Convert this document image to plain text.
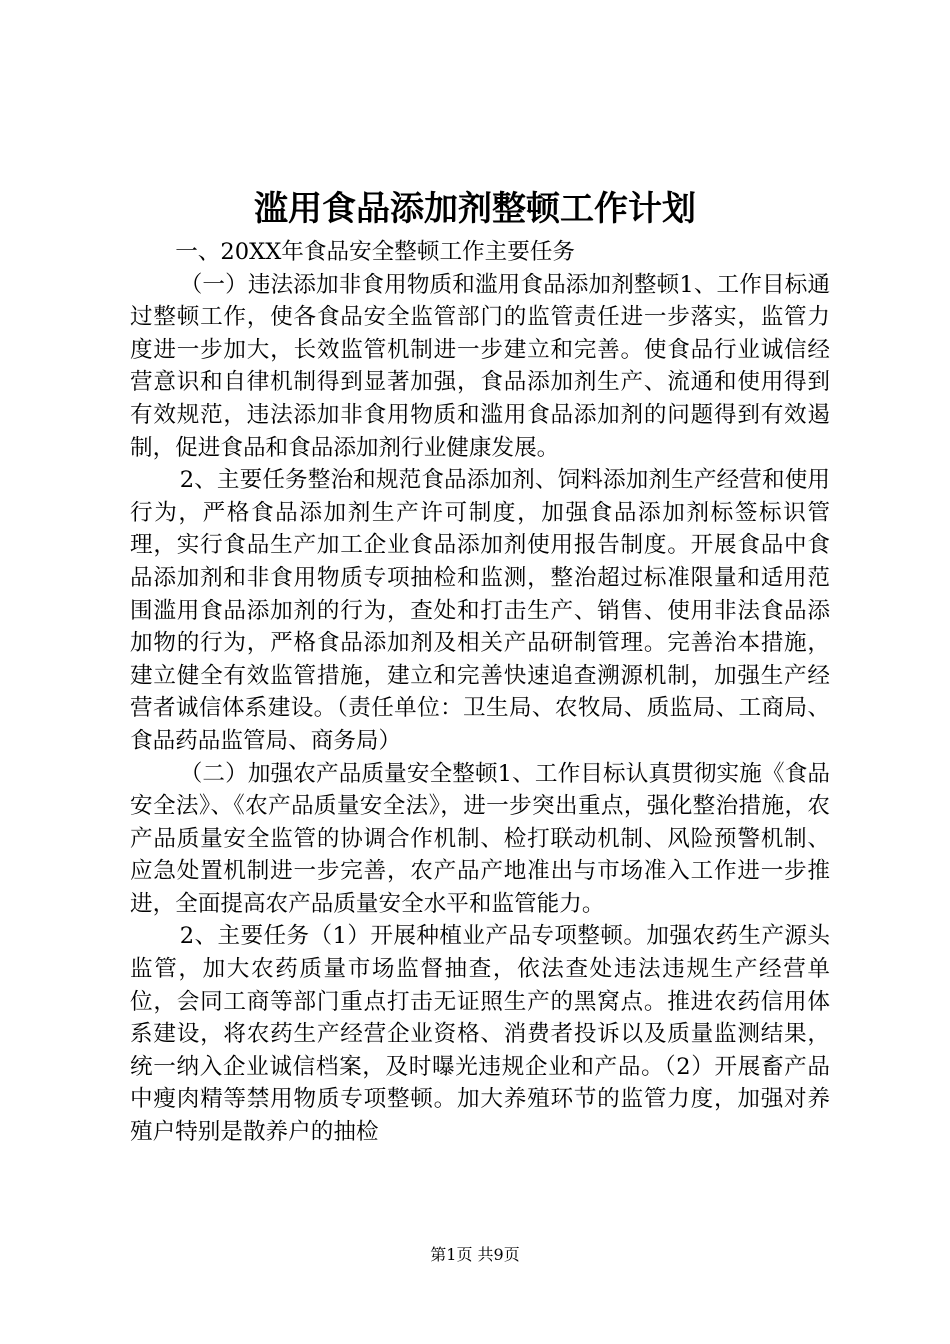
滥用食品添加剂整顿工作计划

一、20XX年食品安全整顿工作主要任务

（一）违法添加非食用物质和滥用食品添加剂整顿1、工作目标通过整顿工作，使各食品安全监管部门的监管责任进一步落实，监管力度进一步加大，长效监管机制进一步建立和完善。使食品行业诚信经营意识和自律机制得到显著加强，食品添加剂生产、流通和使用得到有效规范，违法添加非食用物质和滥用食品添加剂的问题得到有效遏制，促进食品和食品添加剂行业健康发展。

2、主要任务整治和规范食品添加剂、饲料添加剂生产经营和使用行为，严格食品添加剂生产许可制度，加强食品添加剂标签标识管理，实行食品生产加工企业食品添加剂使用报告制度。开展食品中食品添加剂和非食用物质专项抽检和监测，整治超过标准限量和适用范围滥用食品添加剂的行为，查处和打击生产、销售、使用非法食品添加物的行为，严格食品添加剂及相关产品研制管理。完善治本措施，建立健全有效监管措施，建立和完善快速追查溯源机制，加强生产经营者诚信体系建设。（责任单位：卫生局、农牧局、质监局、工商局、食品药品监管局、商务局）

（二）加强农产品质量安全整顿1、工作目标认真贯彻实施《食品安全法》、《农产品质量安全法》，进一步突出重点，强化整治措施，农产品质量安全监管的协调合作机制、检打联动机制、风险预警机制、应急处置机制进一步完善，农产品产地准出与市场准入工作进一步推进，全面提高农产品质量安全水平和监管能力。

2、主要任务（1）开展种植业产品专项整顿。加强农药生产源头监管，加大农药质量市场监督抽查，依法查处违法违规生产经营单位，会同工商等部门重点打击无证照生产的黑窝点。推进农药信用体系建设，将农药生产经营企业资格、消费者投诉以及质量监测结果，统一纳入企业诚信档案，及时曝光违规企业和产品。（2）开展畜产品中瘦肉精等禁用物质专项整顿。加大养殖环节的监管力度，加强对养殖户特别是散养户的抽检

第1页 共9页
